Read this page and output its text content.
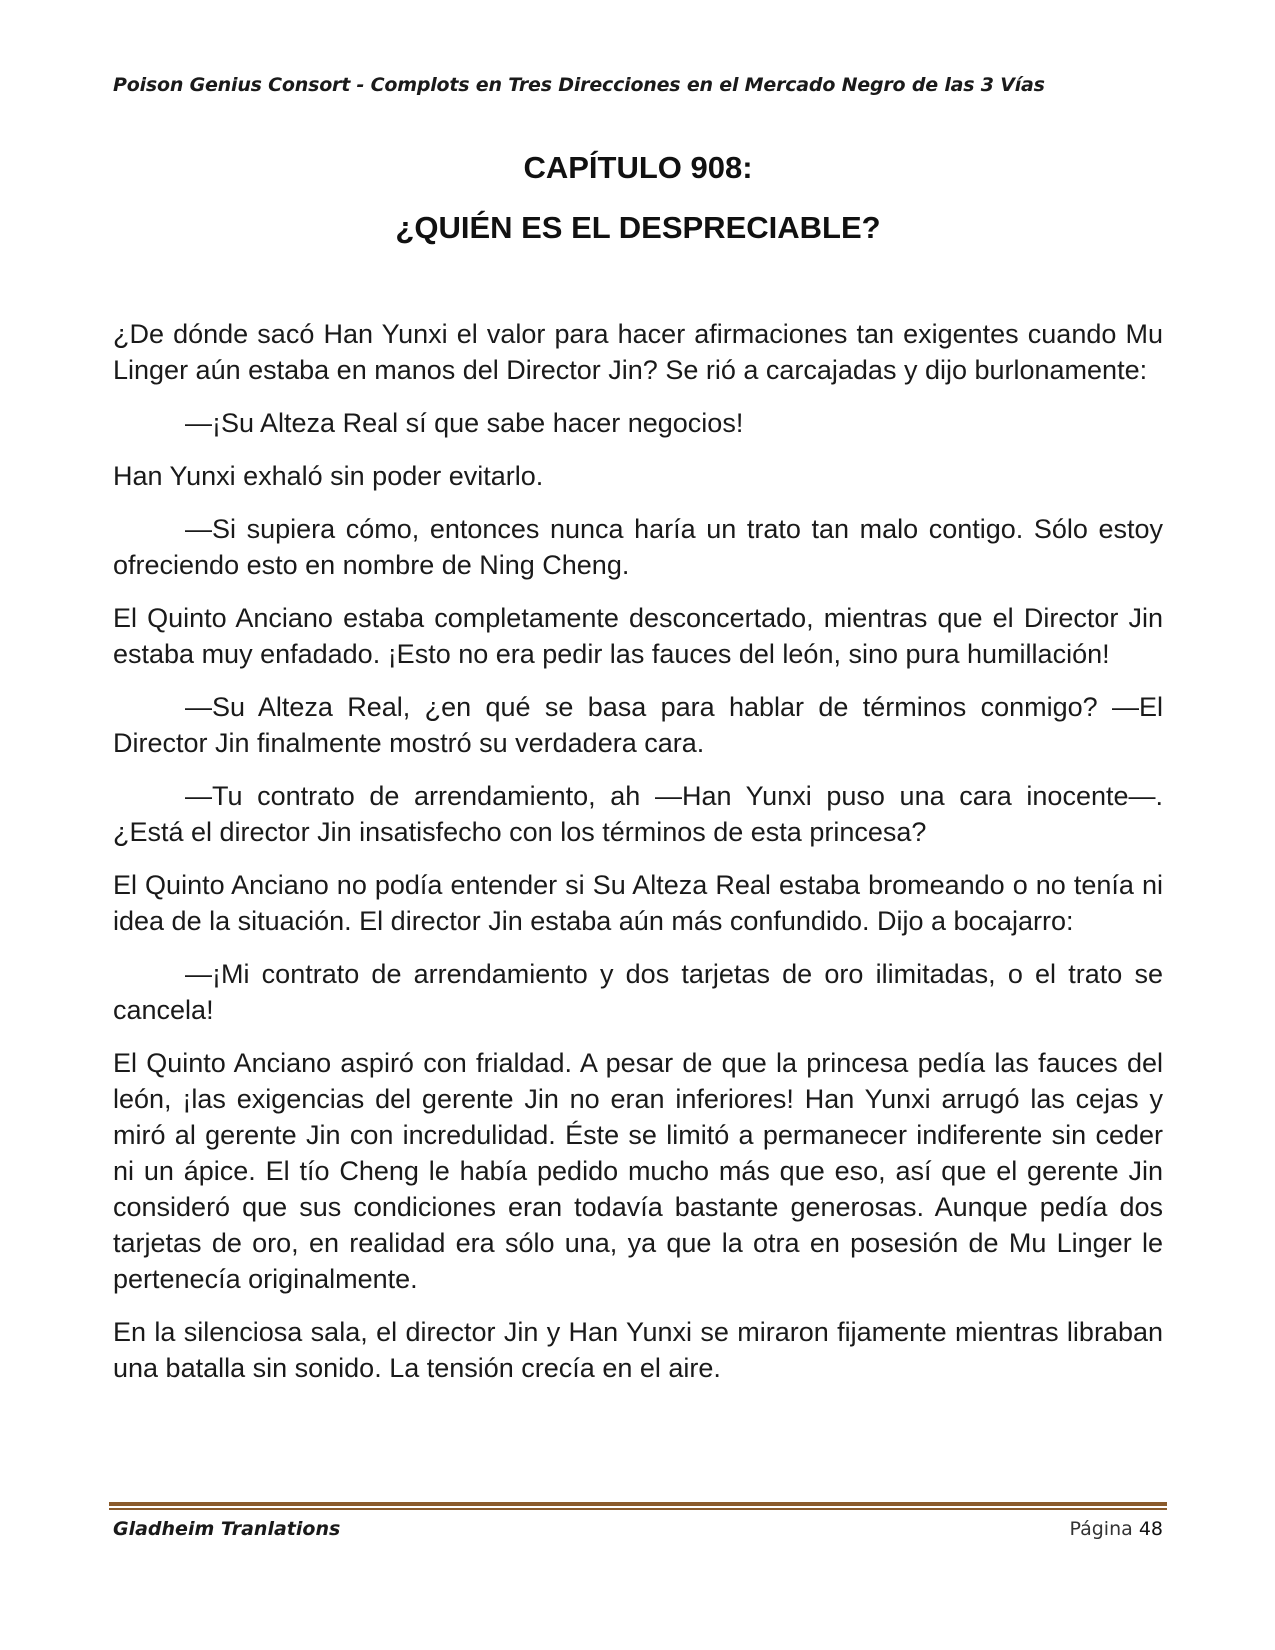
Poison Genius Consort - Complots en Tres Direcciones en el Mercado Negro de las 3 Vías
CAPÍTULO 908:
¿QUIÉN ES EL DESPRECIABLE?

¿De dónde sacó Han Yunxi el valor para hacer afirmaciones tan exigentes cuando Mu Linger aún estaba en manos del Director Jin? Se rió a carcajadas y dijo burlonamente:

—¡Su Alteza Real sí que sabe hacer negocios!

Han Yunxi exhaló sin poder evitarlo.

—Si supiera cómo, entonces nunca haría un trato tan malo contigo. Sólo estoy ofreciendo esto en nombre de Ning Cheng.

El Quinto Anciano estaba completamente desconcertado, mientras que el Director Jin estaba muy enfadado. ¡Esto no era pedir las fauces del león, sino pura humillación!

—Su Alteza Real, ¿en qué se basa para hablar de términos conmigo? —El Director Jin finalmente mostró su verdadera cara.

—Tu contrato de arrendamiento, ah —Han Yunxi puso una cara inocente—. ¿Está el director Jin insatisfecho con los términos de esta princesa?

El Quinto Anciano no podía entender si Su Alteza Real estaba bromeando o no tenía ni idea de la situación. El director Jin estaba aún más confundido. Dijo a bocajarro:

—¡Mi contrato de arrendamiento y dos tarjetas de oro ilimitadas, o el trato se cancela!

El Quinto Anciano aspiró con frialdad. A pesar de que la princesa pedía las fauces del león, ¡las exigencias del gerente Jin no eran inferiores! Han Yunxi arrugó las cejas y miró al gerente Jin con incredulidad. Éste se limitó a permanecer indiferente sin ceder ni un ápice. El tío Cheng le había pedido mucho más que eso, así que el gerente Jin consideró que sus condiciones eran todavía bastante generosas. Aunque pedía dos tarjetas de oro, en realidad era sólo una, ya que la otra en posesión de Mu Linger le pertenecía originalmente.

En la silenciosa sala, el director Jin y Han Yunxi se miraron fijamente mientras libraban una batalla sin sonido. La tensión crecía en el aire.

Gladheim Tranlations	Página 48
